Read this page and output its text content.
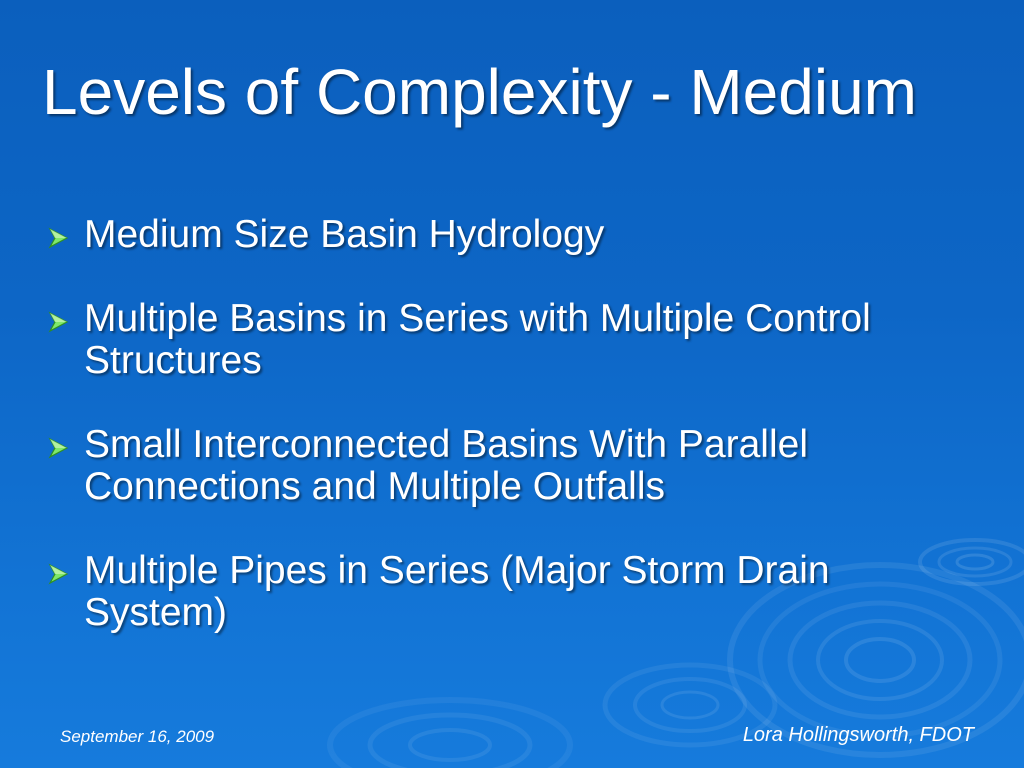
Levels of Complexity - Medium
Medium Size Basin Hydrology
Multiple Basins in Series with Multiple Control Structures
Small Interconnected Basins With Parallel Connections and Multiple Outfalls
Multiple Pipes in Series (Major Storm Drain System)
September 16, 2009	Lora Hollingsworth, FDOT
